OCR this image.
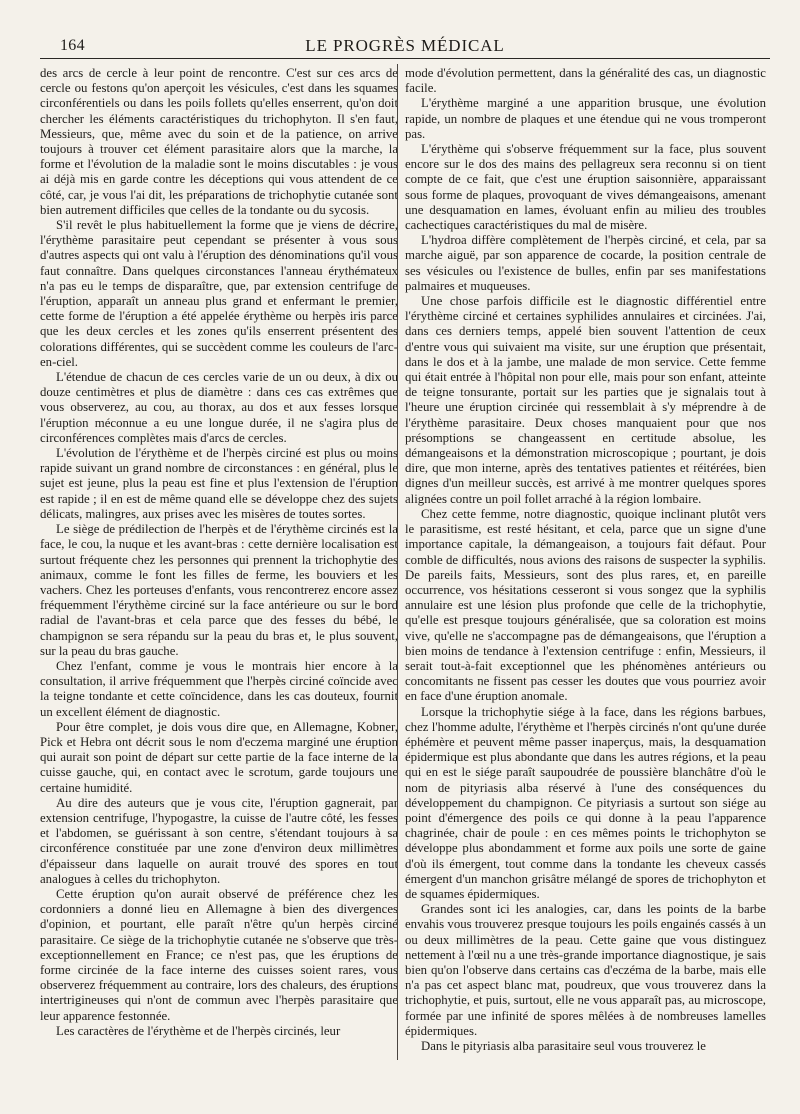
164	LE PROGRÈS MÉDICAL

des arcs de cercle à leur point de rencontre. C'est sur ces arcs de cercle ou festons qu'on aperçoit les vésicules, c'est dans les squames circonférentiels ou dans les poils follets qu'elles enserrent, qu'on doit chercher les éléments caractéristiques du trichophyton. Il s'en faut, Messieurs, que, même avec du soin et de la patience, on arrive toujours à trouver cet élément parasitaire alors que la marche, la forme et l'évolution de la maladie sont le moins discutables : je vous ai déjà mis en garde contre les déceptions qui vous attendent de ce côté, car, je vous l'ai dit, les préparations de trichophytie cutanée sont bien autrement difficiles que celles de la tondante ou du sycosis.

S'il revêt le plus habituellement la forme que je viens de décrire, l'érythème parasitaire peut cependant se présenter à vous sous d'autres aspects qui ont valu à l'éruption des dénominations qu'il vous faut connaître. Dans quelques circonstances l'anneau érythémateux n'a pas eu le temps de disparaître, que, par extension centrifuge de l'éruption, apparaît un anneau plus grand et enfermant le premier, cette forme de l'éruption a été appelée érythème ou herpès iris parce que les deux cercles et les zones qu'ils enserrent présentent des colorations différentes, qui se succèdent comme les couleurs de l'arc-en-ciel.

L'étendue de chacun de ces cercles varie de un ou deux, à dix ou douze centimètres et plus de diamètre : dans ces cas extrêmes que vous observerez, au cou, au thorax, au dos et aux fesses lorsque l'éruption méconnue a eu une longue durée, il ne s'agira plus de circonférences complètes mais d'arcs de cercles.

L'évolution de l'érythème et de l'herpès circiné est plus ou moins rapide suivant un grand nombre de circonstances : en général, plus le sujet est jeune, plus la peau est fine et plus l'extension de l'éruption est rapide ; il en est de même quand elle se développe chez des sujets délicats, malingres, aux prises avec les misères de toutes sortes.

Le siège de prédilection de l'herpès et de l'érythème circinés est la face, le cou, la nuque et les avant-bras : cette dernière localisation est surtout fréquente chez les personnes qui prennent la trichophytie des animaux, comme le font les filles de ferme, les bouviers et les vachers. Chez les porteuses d'enfants, vous rencontrerez encore assez fréquemment l'érythème circiné sur la face antérieure ou sur le bord radial de l'avant-bras et cela parce que des fesses du bébé, le champignon se sera répandu sur la peau du bras et, le plus souvent, sur la peau du bras gauche.

Chez l'enfant, comme je vous le montrais hier encore à la consultation, il arrive fréquemment que l'herpès circiné coïncide avec la teigne tondante et cette coïncidence, dans les cas douteux, fournit un excellent élément de diagnostic.

Pour être complet, je dois vous dire que, en Allemagne, Kobner, Pick et Hebra ont décrit sous le nom d'eczema marginé une éruption qui aurait son point de départ sur cette partie de la face interne de la cuisse gauche, qui, en contact avec le scrotum, garde toujours une certaine humidité.

Au dire des auteurs que je vous cite, l'éruption gagnerait, par extension centrifuge, l'hypogastre, la cuisse de l'autre côté, les fesses et l'abdomen, se guérissant à son centre, s'étendant toujours à sa circonférence constituée par une zone d'environ deux millimètres d'épaisseur dans laquelle on aurait trouvé des spores en tout analogues à celles du trichophyton.

Cette éruption qu'on aurait observé de préférence chez les cordonniers a donné lieu en Allemagne à bien des divergences d'opinion, et pourtant, elle paraît n'être qu'un herpès circiné parasitaire. Ce siège de la trichophytie cutanée ne s'observe que très-exceptionnellement en France; ce n'est pas, que les éruptions de forme circinée de la face interne des cuisses soient rares, vous observerez fréquemment au contraire, lors des chaleurs, des éruptions intertrigineuses qui n'ont de commun avec l'herpès parasitaire que leur apparence festonnée.

Les caractères de l'érythème et de l'herpès circinés, leur

mode d'évolution permettent, dans la généralité des cas, un diagnostic facile.

L'érythème marginé a une apparition brusque, une évolution rapide, un nombre de plaques et une étendue qui ne vous tromperont pas.

L'érythème qui s'observe fréquemment sur la face, plus souvent encore sur le dos des mains des pellagreux sera reconnu si on tient compte de ce fait, que c'est une éruption saisonnière, apparaissant sous forme de plaques, provoquant de vives démangeaisons, amenant une desquamation en lames, évoluant enfin au milieu des troubles cachectiques caractéristiques du mal de misère.

L'hydroa diffère complètement de l'herpès circiné, et cela, par sa marche aiguë, par son apparence de cocarde, la position centrale de ses vésicules ou l'existence de bulles, enfin par ses manifestations palmaires et muqueuses.

Une chose parfois difficile est le diagnostic différentiel entre l'érythème circiné et certaines syphilides annulaires et circinées. J'ai, dans ces derniers temps, appelé bien souvent l'attention de ceux d'entre vous qui suivaient ma visite, sur une éruption que présentait, dans le dos et à la jambe, une malade de mon service. Cette femme qui était entrée à l'hôpital non pour elle, mais pour son enfant, atteinte de teigne tonsurante, portait sur les parties que je signalais tout à l'heure une éruption circinée qui ressemblait à s'y méprendre à de l'érythème parasitaire. Deux choses manquaient pour que nos présomptions se changeassent en certitude absolue, les démangeaisons et la démonstration microscopique ; pourtant, je dois dire, que mon interne, après des tentatives patientes et réitérées, bien dignes d'un meilleur succès, est arrivé à me montrer quelques spores alignées contre un poil follet arraché à la région lombaire.

Chez cette femme, notre diagnostic, quoique inclinant plutôt vers le parasitisme, est resté hésitant, et cela, parce que un signe d'une importance capitale, la démangeaison, a toujours fait défaut. Pour comble de difficultés, nous avions des raisons de suspecter la syphilis. De pareils faits, Messieurs, sont des plus rares, et, en pareille occurrence, vos hésitations cesseront si vous songez que la syphilis annulaire est une lésion plus profonde que celle de la trichophytie, qu'elle est presque toujours généralisée, que sa coloration est moins vive, qu'elle ne s'accompagne pas de démangeaisons, que l'éruption a bien moins de tendance à l'extension centrifuge : enfin, Messieurs, il serait tout-à-fait exceptionnel que les phénomènes antérieurs ou concomitants ne fissent pas cesser les doutes que vous pourriez avoir en face d'une éruption anomale.

Lorsque la trichophytie siége à la face, dans les régions barbues, chez l'homme adulte, l'érythème et l'herpès circinés n'ont qu'une durée éphémère et peuvent même passer inaperçus, mais, la desquamation épidermique est plus abondante que dans les autres régions, et la peau qui en est le siége paraît saupoudrée de poussière blanchâtre d'où le nom de pityriasis alba réservé à l'une des conséquences du développement du champignon. Ce pityriasis a surtout son siége au point d'émergence des poils ce qui donne à la peau l'apparence chagrinée, chair de poule : en ces mêmes points le trichophyton se développe plus abondamment et forme aux poils une sorte de gaine d'où ils émergent, tout comme dans la tondante les cheveux cassés émergent d'un manchon grisâtre mélangé de spores de trichophyton et de squames épidermiques.

Grandes sont ici les analogies, car, dans les points de la barbe envahis vous trouverez presque toujours les poils engainés cassés à un ou deux millimètres de la peau. Cette gaine que vous distinguez nettement à l'œil nu a une très-grande importance diagnostique, je sais bien qu'on l'observe dans certains cas d'eczéma de la barbe, mais elle n'a pas cet aspect blanc mat, poudreux, que vous trouverez dans la trichophytie, et puis, surtout, elle ne vous apparaît pas, au microscope, formée par une infinité de spores mêlées à de nombreuses lamelles épidermiques.

Dans le pityriasis alba parasitaire seul vous trouverez le
